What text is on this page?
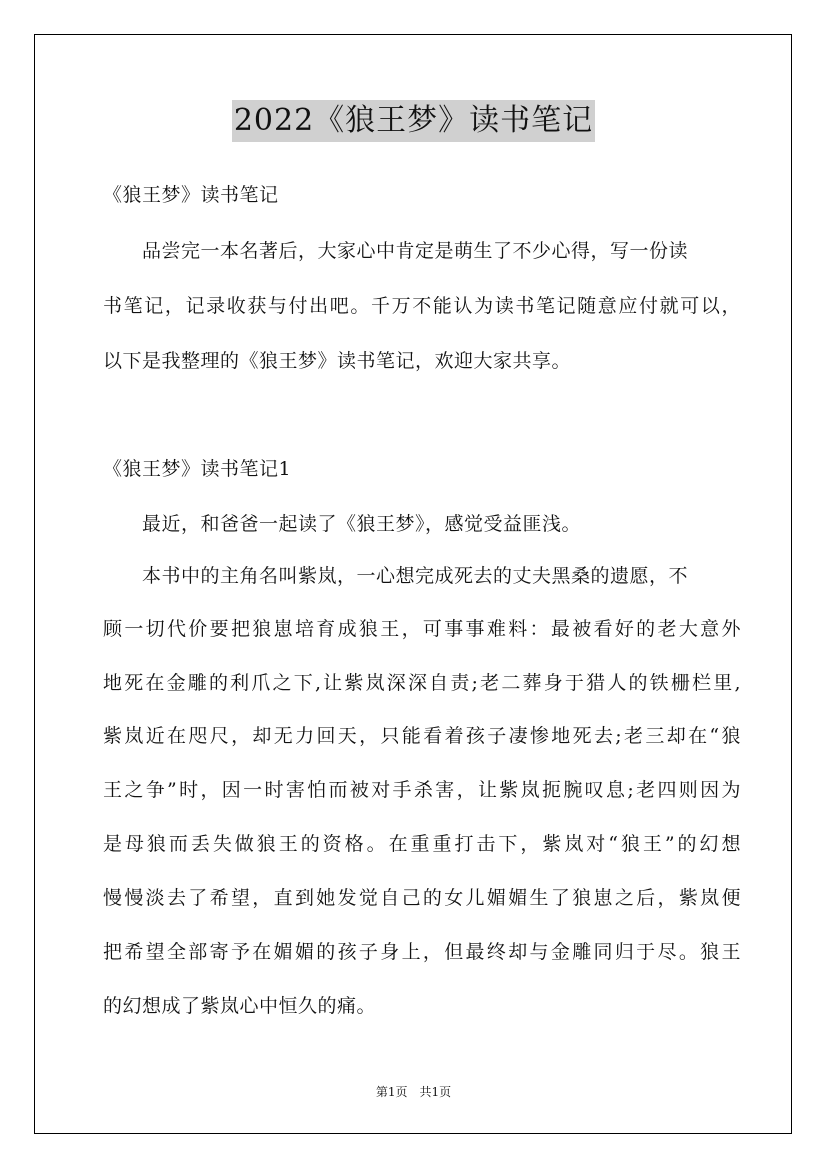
2022《狼王梦》读书笔记
《狼王梦》读书笔记
品尝完一本名著后，大家心中肯定是萌生了不少心得，写一份读
书笔记，记录收获与付出吧。千万不能认为读书笔记随意应付就可以，
以下是我整理的《狼王梦》读书笔记，欢迎大家共享。
《狼王梦》读书笔记1
最近，和爸爸一起读了《狼王梦》，感觉受益匪浅。
本书中的主角名叫紫岚，一心想完成死去的丈夫黑桑的遗愿，不
顾一切代价要把狼崽培育成狼王，可事事难料：最被看好的老大意外
地死在金雕的利爪之下,让紫岚深深自责;老二葬身于猎人的铁栅栏里,
紫岚近在咫尺，却无力回天，只能看着孩子凄惨地死去;老三却在“狼
王之争”时，因一时害怕而被对手杀害，让紫岚扼腕叹息;老四则因为
是母狼而丢失做狼王的资格。在重重打击下，紫岚对“狼王”的幻想
慢慢淡去了希望，直到她发觉自己的女儿媚媚生了狼崽之后，紫岚便
把希望全部寄予在媚媚的孩子身上，但最终却与金雕同归于尽。狼王
的幻想成了紫岚心中恒久的痛。
第1页　共1页
